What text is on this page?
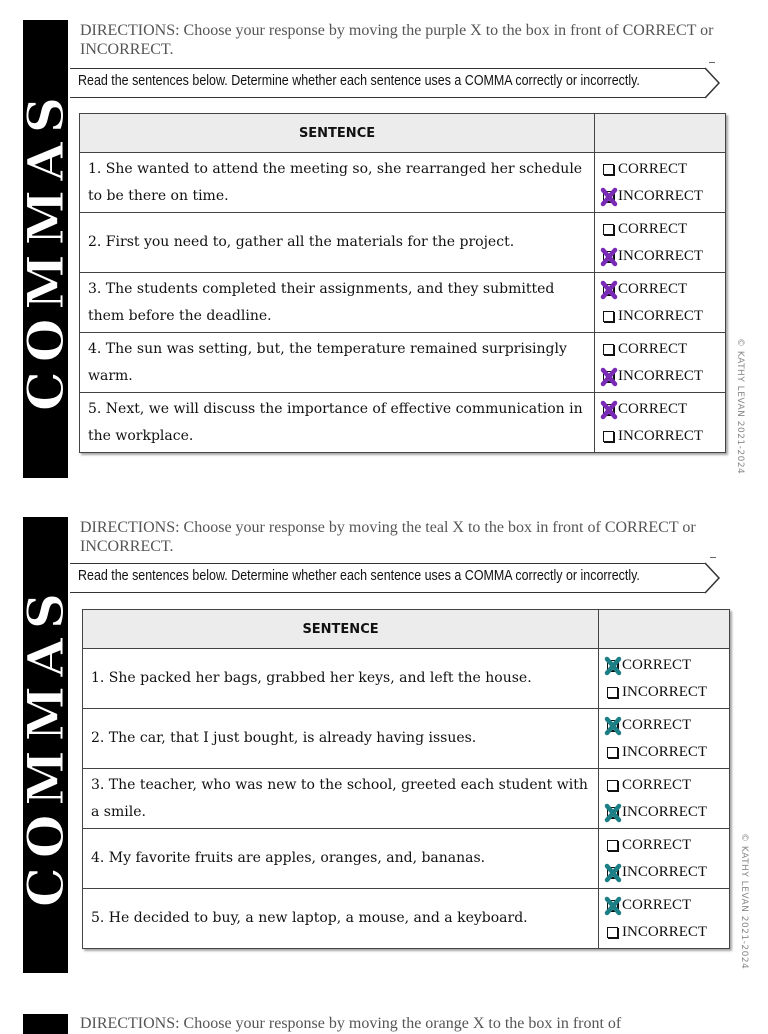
COMMAS
DIRECTIONS: Choose your response by moving the purple X to the box in front of CORRECT or INCORRECT.
Read the sentences below. Determine whether each sentence uses a COMMA correctly or incorrectly.
SENTENCE	
1. She wanted to attend the meeting so, she rearranged her schedule to be there on time.	CORRECT
INCORRECT

2. First you need to, gather all the materials for the project.	CORRECT
INCORRECT

3. The students completed their assignments, and they submitted them before the deadline.	CORRECT
INCORRECT

4. The sun was setting, but, the temperature remained surprisingly warm.	CORRECT
INCORRECT

5. Next, we will discuss the importance of effective communication in the workplace.	CORRECT
INCORRECT	© KATHY LEVAN 2021-2024
COMMAS
DIRECTIONS: Choose your response by moving the teal X to the box in front of CORRECT or INCORRECT.
Read the sentences below. Determine whether each sentence uses a COMMA correctly or incorrectly.
SENTENCE	
1. She packed her bags, grabbed her keys, and left the house.	CORRECT
INCORRECT

2. The car, that I just bought, is already having issues.	CORRECT
INCORRECT

3. The teacher, who was new to the school, greeted each student with a smile.	CORRECT
INCORRECT

4. My favorite fruits are apples, oranges, and, bananas.	CORRECT
INCORRECT

5. He decided to buy, a new laptop, a mouse, and a keyboard.	CORRECT
INCORRECT	© KATHY LEVAN 2021-2024
DIRECTIONS: Choose your response by moving the orange X to the box in front of
